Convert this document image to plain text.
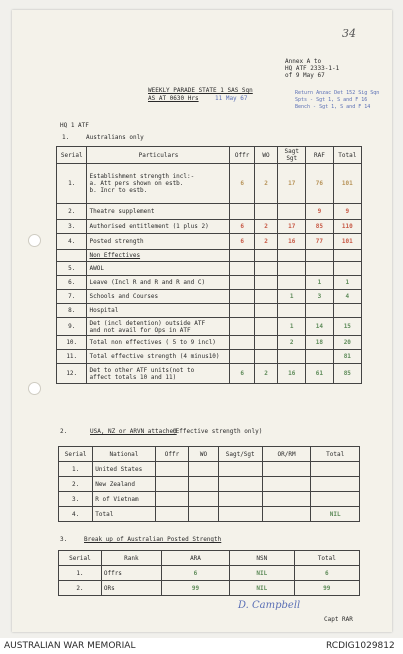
34
Annex A to
HQ ATF 2333-1-1
of 9 May 67
WEEKLY PARADE STATE 1 SAS Sqn
AS AT 0630 Hrs	11 May 67
Return Anzac Det 152 Sig Sqn
Spts - Sgt 1, S and F 16
Bench - Sgt 1, S and F 14
HQ 1 ATF
1.	Australians only
Serial	Particulars	Offr	WO	Sagt Sgt	RAF	Total
1.	Establishment strength incl:-
a. Att pers shown on estb.
b. Incr to estb.	6	2	17	76	101
2.	Theatre supplement				9	9
3.	Authorised entitlement (1 plus 2)	6	2	17	85	110
4.	Posted strength	6	2	16	77	101
	Non Effectives					
5.	AWOL					
6.	Leave (Incl R and R and R and C)				1	1
7.	Schools and Courses			1	3	4
8.	Hospital					
9.	Det (incl detention) outside ATF
and not avail for Ops in ATF			1	14	15
10.	Total non effectives ( 5 to 9 incl)			2	18	20
11.	Total effective strength (4 minus10)					81
12.	Det to other ATF units(not to
affect totals 10 and 11)	6	2	16	61	85
2.	USA, NZ or ARVN attached
(Effective strength only)
Serial	National	Offr	WO	Sagt/Sgt	OR/RM	Total
1.	United States					
2.	New Zealand					
3.	R of Vietnam					
4.	Total					NIL
3.	Break up of Australian Posted Strength
Serial	Rank	ARA	NSN	Total
1.	Offrs	6	NIL	6
2.	ORs	99	NIL	99
D. Campbell
Capt RAR
AUSTRALIAN WAR MEMORIAL	RCDIG1029812
